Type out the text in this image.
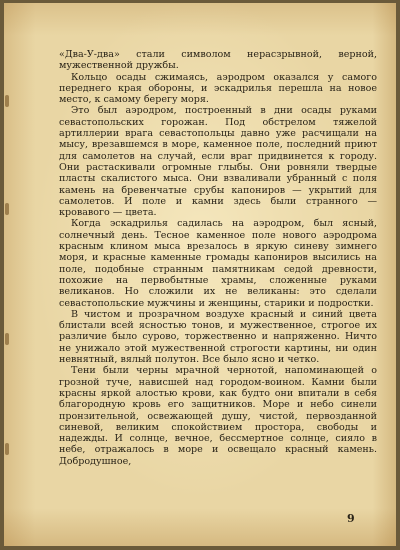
«Два-У-два» стали символом нерасзрывной, верной, мужественной дружбы.

Кольцо осады сжимаясь, аэродром оказался у самого переднего края обороны, и эскадрилья перешла на новое место, к самому берегу моря.

Это был аэродром, построенный в дни осады руками севастопольских горожан. Под обстрелом тяжелой артиллерии врага севастопольцы давно уже расчищали на мысу, врезавшемся в море, каменное поле, последний приют для самолетов на случай, если враг придвинется к городу. Они растаскивали огромные глыбы. Они ровняли твердые пласты скалистого мыса. Они взваливали убранный с поля камень на бревенчатые срубы капониров — укрытий для самолетов. И поле и камни здесь были странного — кровавого — цвета.

Когда эскадрилья садилась на аэродром, был ясный, солнечный день. Тесное каменное поле нового аэродрома красным клином мыса врезалось в яркую синеву зимнего моря, и красные каменные громады капониров высились на поле, подобные странным памятникам седой древности, похожие на первобытные храмы, сложенные руками великанов. Но сложили их не великаны: это сделали севастопольские мужчины и женщины, старики и подростки.

В чистом и прозрачном воздухе красный и синий цвета блистали всей ясностью тонов, и мужественное, строгое их различие было сурово, торжественно и напряженно. Ничто не унижало этой мужественной строгости картины, ни один невнятный, вялый полутон. Все было ясно и четко.

Тени были черны мрачной чернотой, напоминающей о грозной туче, нависшей над городом-воином. Камни были красны яркой алостью крови, как будто они впитали в себя благородную кровь его защитников. Море и небо синели пронзительной, освежающей душу, чистой, первозданной синевой, великим спокойствием простора, свободы и надежды. И солнце, вечное, бессмертное солнце, сияло в небе, отражалось в море и освещало красный камень. Добродушное,

9
